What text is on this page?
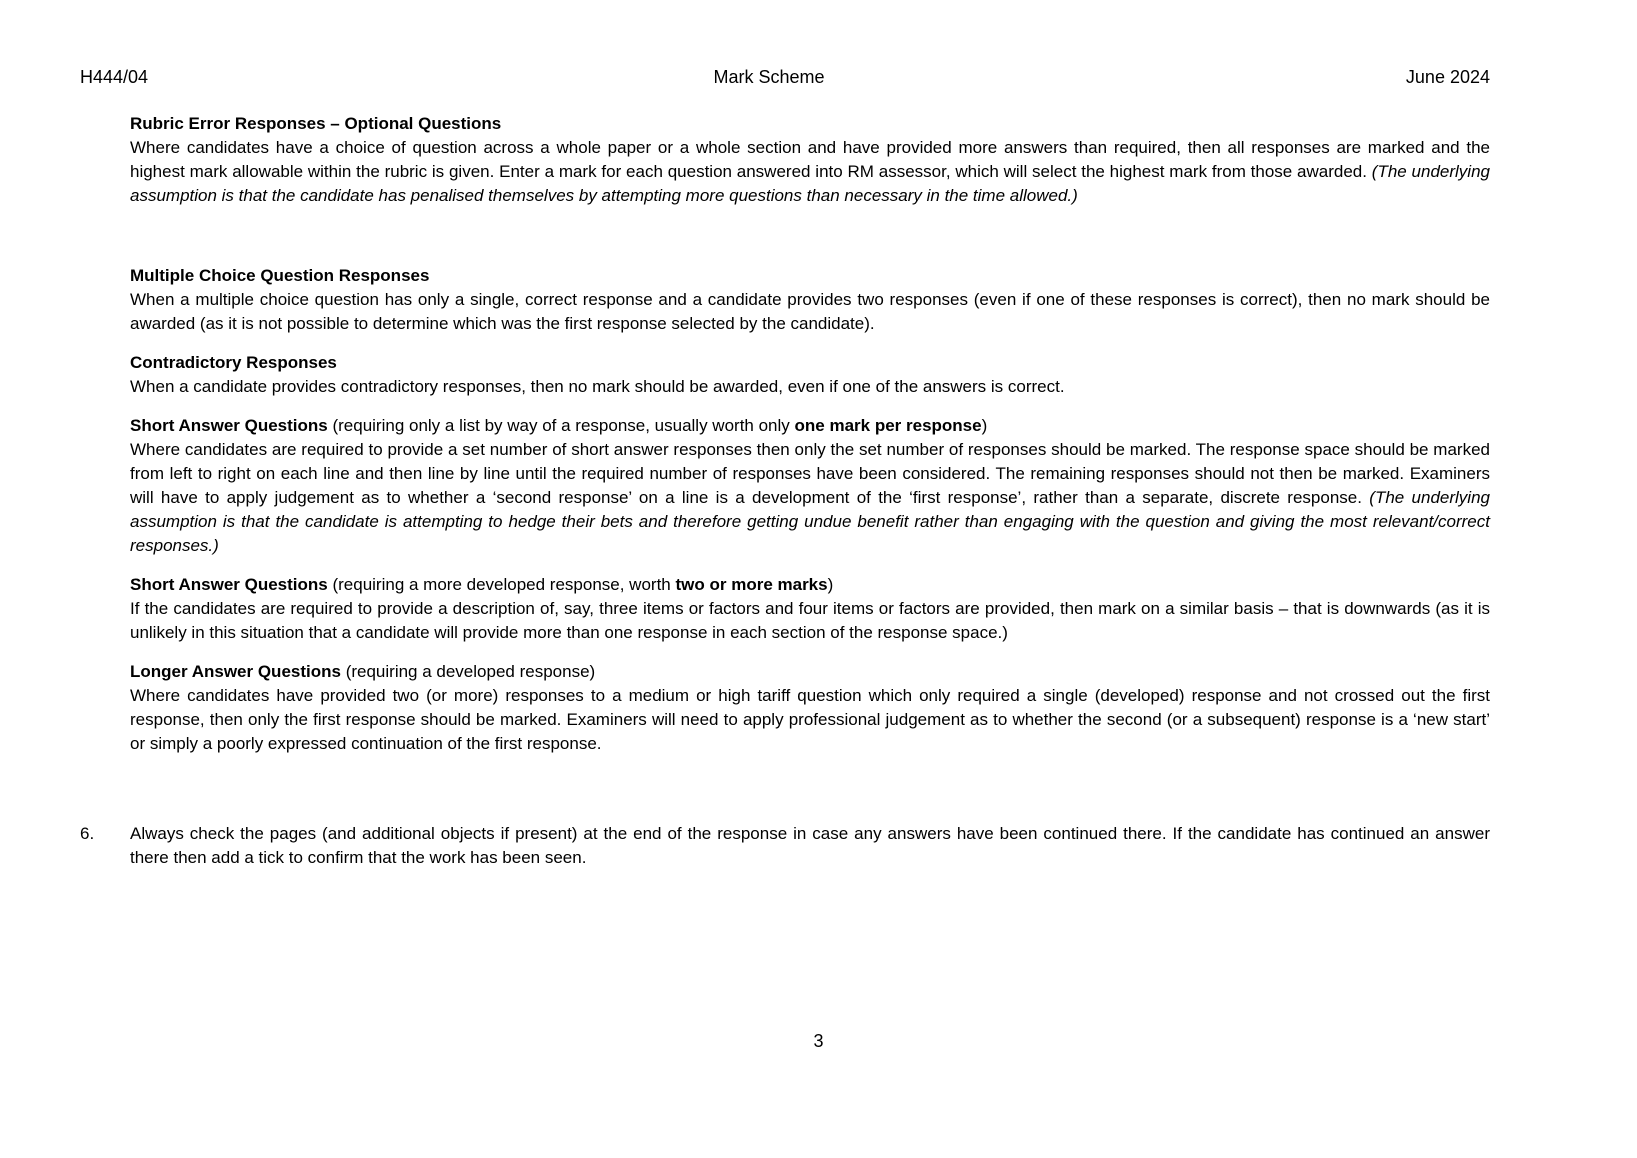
H444/04	Mark Scheme	June 2024

Rubric Error Responses – Optional Questions

Where candidates have a choice of question across a whole paper or a whole section and have provided more answers than required, then all responses are marked and the highest mark allowable within the rubric is given. Enter a mark for each question answered into RM assessor, which will select the highest mark from those awarded. (The underlying assumption is that the candidate has penalised themselves by attempting more questions than necessary in the time allowed.)

Multiple Choice Question Responses

When a multiple choice question has only a single, correct response and a candidate provides two responses (even if one of these responses is correct), then no mark should be awarded (as it is not possible to determine which was the first response selected by the candidate).

Contradictory Responses

When a candidate provides contradictory responses, then no mark should be awarded, even if one of the answers is correct.

Short Answer Questions (requiring only a list by way of a response, usually worth only one mark per response)

Where candidates are required to provide a set number of short answer responses then only the set number of responses should be marked. The response space should be marked from left to right on each line and then line by line until the required number of responses have been considered. The remaining responses should not then be marked. Examiners will have to apply judgement as to whether a ‘second response’ on a line is a development of the ‘first response’, rather than a separate, discrete response. (The underlying assumption is that the candidate is attempting to hedge their bets and therefore getting undue benefit rather than engaging with the question and giving the most relevant/correct responses.)

Short Answer Questions (requiring a more developed response, worth two or more marks)

If the candidates are required to provide a description of, say, three items or factors and four items or factors are provided, then mark on a similar basis – that is downwards (as it is unlikely in this situation that a candidate will provide more than one response in each section of the response space.)

Longer Answer Questions (requiring a developed response)

Where candidates have provided two (or more) responses to a medium or high tariff question which only required a single (developed) response and not crossed out the first response, then only the first response should be marked. Examiners will need to apply professional judgement as to whether the second (or a subsequent) response is a ‘new start’ or simply a poorly expressed continuation of the first response.

6. Always check the pages (and additional objects if present) at the end of the response in case any answers have been continued there. If the candidate has continued an answer there then add a tick to confirm that the work has been seen.

3
